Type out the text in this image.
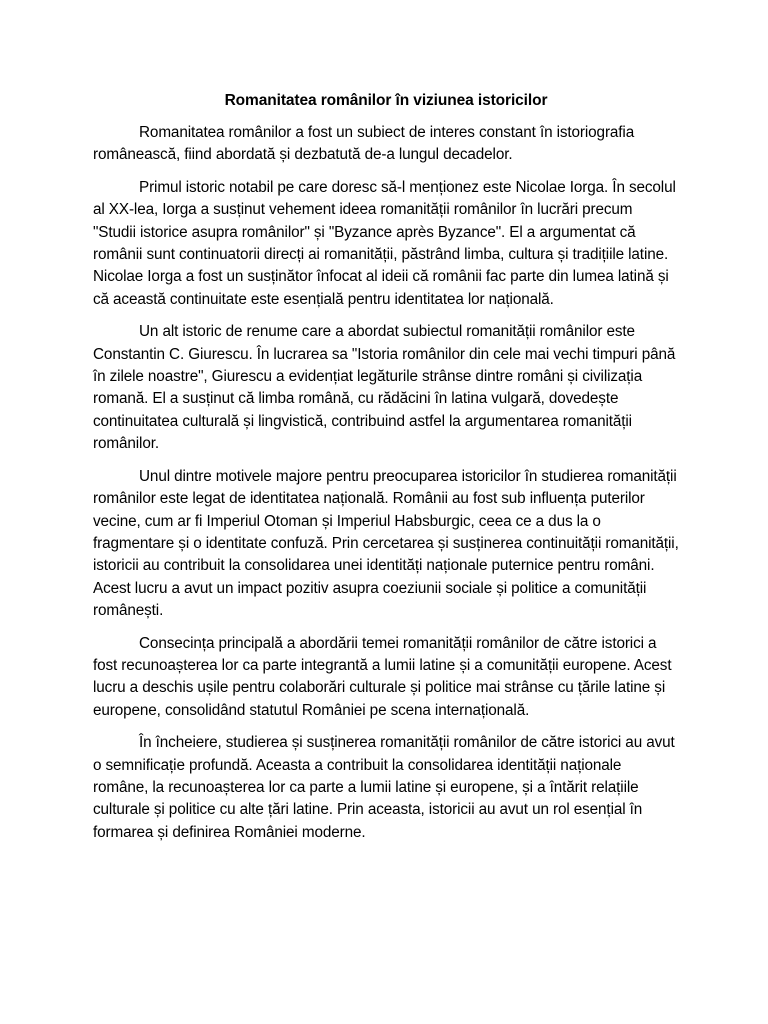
Romanitatea românilor în viziunea istoricilor

Romanitatea românilor a fost un subiect de interes constant în istoriografia românească, fiind abordată și dezbatută de-a lungul decadelor.

Primul istoric notabil pe care doresc să-l menționez este Nicolae Iorga. În secolul al XX-lea, Iorga a susținut vehement ideea romanității românilor în lucrări precum "Studii istorice asupra românilor" și "Byzance après Byzance". El a argumentat că românii sunt continuatorii direcți ai romanității, păstrând limba, cultura și tradițiile latine. Nicolae Iorga a fost un susținător înfocat al ideii că românii fac parte din lumea latină și că această continuitate este esențială pentru identitatea lor națională.

Un alt istoric de renume care a abordat subiectul romanității românilor este Constantin C. Giurescu. În lucrarea sa "Istoria românilor din cele mai vechi timpuri până în zilele noastre", Giurescu a evidențiat legăturile strânse dintre români și civilizația romană. El a susținut că limba română, cu rădăcini în latina vulgară, dovedește continuitatea culturală și lingvistică, contribuind astfel la argumentarea romanității românilor.

Unul dintre motivele majore pentru preocuparea istoricilor în studierea romanității românilor este legat de identitatea națională. Românii au fost sub influența puterilor vecine, cum ar fi Imperiul Otoman și Imperiul Habsburgic, ceea ce a dus la o fragmentare și o identitate confuză. Prin cercetarea și susținerea continuității romanității, istoricii au contribuit la consolidarea unei identități naționale puternice pentru români. Acest lucru a avut un impact pozitiv asupra coeziunii sociale și politice a comunității românești.

Consecința principală a abordării temei romanității românilor de către istorici a fost recunoașterea lor ca parte integrantă a lumii latine și a comunității europene. Acest lucru a deschis ușile pentru colaborări culturale și politice mai strânse cu țările latine și europene, consolidând statutul României pe scena internațională.

În încheiere, studierea și susținerea romanității românilor de către istorici au avut o semnificație profundă. Aceasta a contribuit la consolidarea identității naționale române, la recunoașterea lor ca parte a lumii latine și europene, și a întărit relațiile culturale și politice cu alte țări latine. Prin aceasta, istoricii au avut un rol esențial în formarea și definirea României moderne.
